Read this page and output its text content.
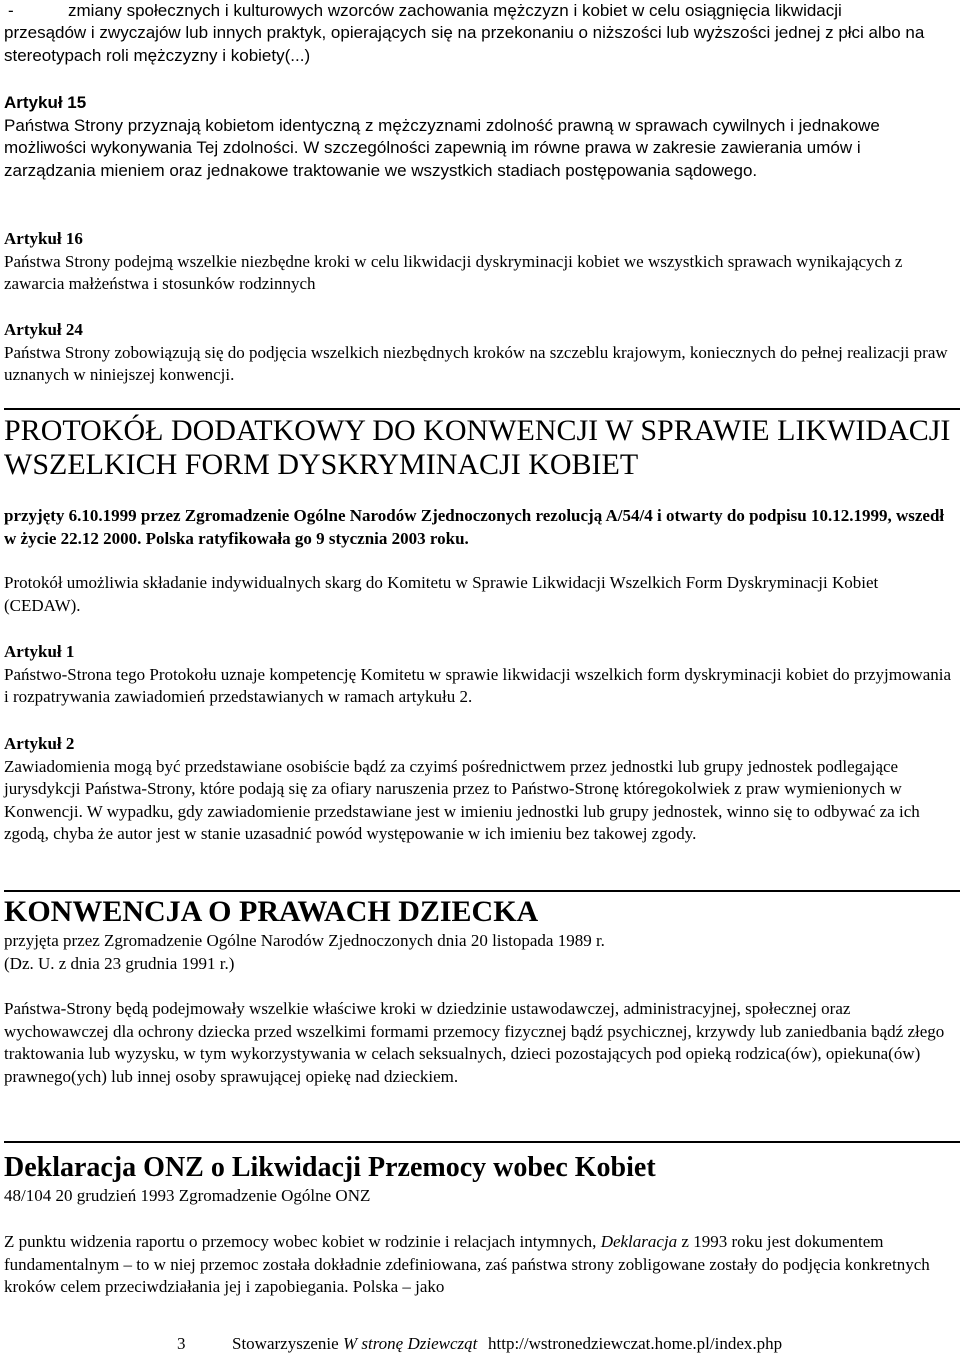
-	zmiany społecznych i kulturowych wzorców zachowania mężczyzn i kobiet w celu osiągnięcia likwidacji

przesądów i zwyczajów lub innych praktyk, opierających się na przekonaniu o niższości lub wyższości jednej z płci albo na stereotypach roli mężczyzny i kobiety(...)

Artykuł 15
Państwa Strony przyznają kobietom identyczną z mężczyznami zdolność prawną w sprawach cywilnych i jednakowe możliwości wykonywania Tej zdolności. W szczególności zapewnią im równe prawa w zakresie zawierania umów i zarządzania mieniem oraz jednakowe traktowanie we wszystkich stadiach postępowania sądowego.
Artykuł 16
Państwa Strony podejmą wszelkie niezbędne kroki w celu likwidacji dyskryminacji kobiet we wszystkich sprawach wynikających z zawarcia małżeństwa i stosunków rodzinnych
Artykuł 24
Państwa Strony zobowiązują się do podjęcia wszelkich niezbędnych kroków na szczeblu krajowym, koniecznych do pełnej realizacji praw uznanych w niniejszej konwencji.
PROTOKÓŁ DODATKOWY DO KONWENCJI W SPRAWIE LIKWIDACJI WSZELKICH FORM DYSKRYMINACJI KOBIET

przyjęty 6.10.1999 przez Zgromadzenie Ogólne Narodów Zjednoczonych rezolucją A/54/4 i otwarty do podpisu 10.12.1999, wszedł w życie 22.12 2000. Polska ratyfikowała go 9 stycznia 2003 roku.

Protokół umożliwia składanie indywidualnych skarg do Komitetu w Sprawie Likwidacji Wszelkich Form Dyskryminacji Kobiet (CEDAW).

Artykuł 1
Państwo-Strona tego Protokołu uznaje kompetencję Komitetu w sprawie likwidacji wszelkich form dyskryminacji kobiet do przyjmowania i rozpatrywania zawiadomień przedstawianych w ramach artykułu 2.
Artykuł 2
Zawiadomienia mogą być przedstawiane osobiście bądź za czyimś pośrednictwem przez jednostki lub grupy jednostek podlegające jurysdykcji Państwa-Strony, które podają się za ofiary naruszenia przez to Państwo-Stronę któregokolwiek z praw wymienionych w Konwencji. W wypadku, gdy zawiadomienie przedstawiane jest w imieniu jednostki lub grupy jednostek, winno się to odbywać za ich zgodą, chyba że autor jest w stanie uzasadnić powód występowanie w ich imieniu bez takowej zgody.
KONWENCJA O PRAWACH DZIECKA

przyjęta przez Zgromadzenie Ogólne Narodów Zjednoczonych dnia 20 listopada 1989 r.

(Dz. U. z dnia 23 grudnia 1991 r.)

Państwa-Strony będą podejmowały wszelkie właściwe kroki w dziedzinie ustawodawczej, administracyjnej, społecznej oraz wychowawczej dla ochrony dziecka przed wszelkimi formami przemocy fizycznej bądź psychicznej, krzywdy lub zaniedbania bądź złego traktowania lub wyzysku, w tym wykorzystywania w celach seksualnych, dzieci pozostających pod opieką rodzica(ów), opiekuna(ów) prawnego(ych) lub innej osoby sprawującej opiekę nad dzieckiem.

Deklaracja ONZ o Likwidacji Przemocy wobec Kobiet

48/104 20 grudzień 1993 Zgromadzenie Ogólne ONZ

Z punktu widzenia raportu o przemocy wobec kobiet w rodzinie i relacjach intymnych, Deklaracja z 1993 roku jest dokumentem fundamentalnym – to w niej przemoc została dokładnie zdefiniowana, zaś państwa strony zobligowane zostały do podjęcia konkretnych kroków celem przeciwdziałania jej i zapobiegania. Polska – jako

3	Stowarzyszenie W stronę Dziewcząt http://wstronedziewczat.home.pl/index.php
